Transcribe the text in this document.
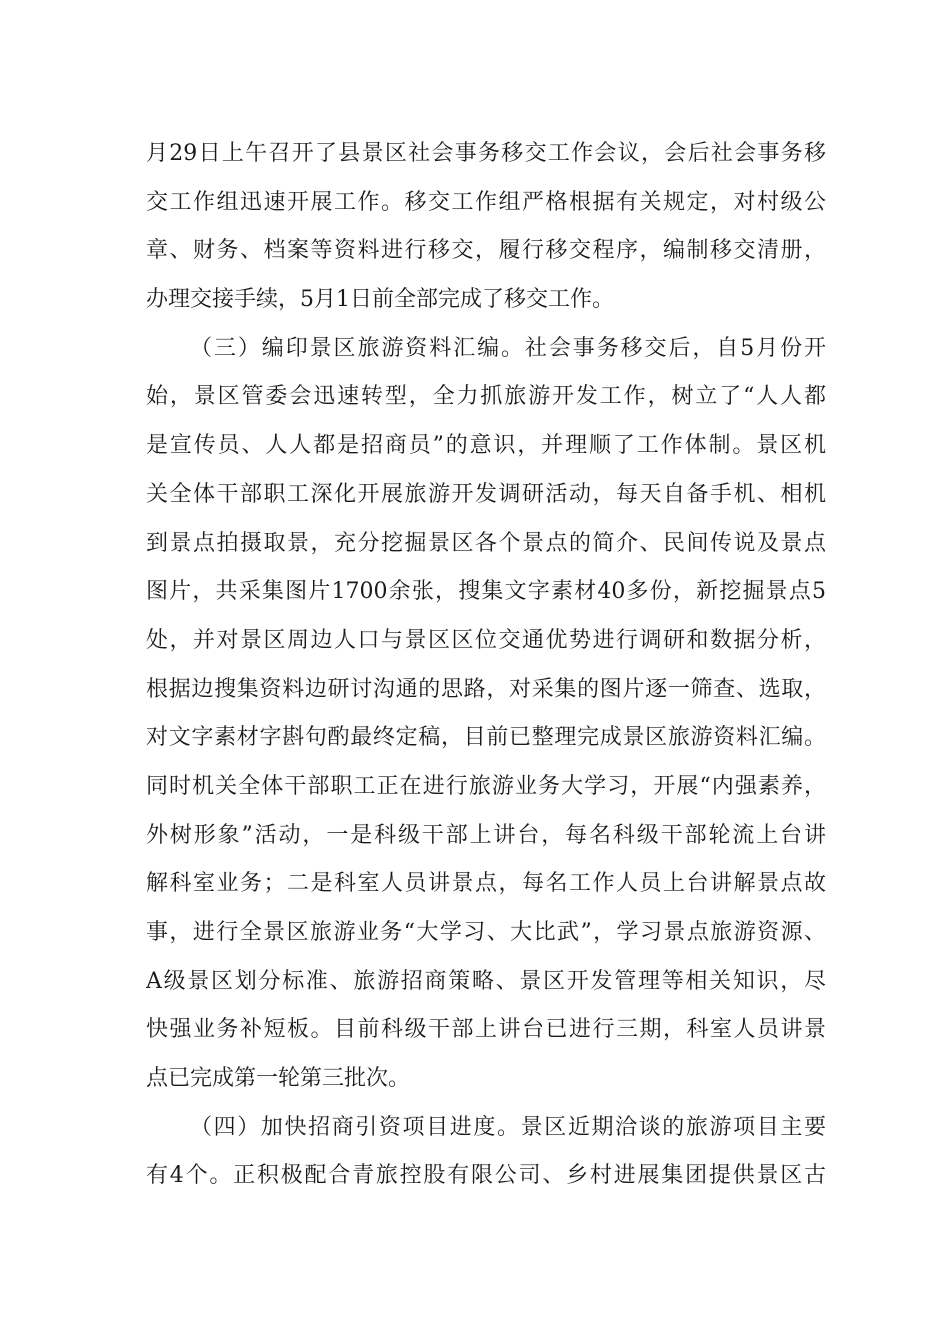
月29日上午召开了县景区社会事务移交工作会议，会后社会事务移
交工作组迅速开展工作。移交工作组严格根据有关规定，对村级公
章、财务、档案等资料进行移交，履行移交程序，编制移交清册，
办理交接手续，5月1日前全部完成了移交工作。
（三）编印景区旅游资料汇编。社会事务移交后，自5月份开
始，景区管委会迅速转型，全力抓旅游开发工作，树立了“人人都
是宣传员、人人都是招商员”的意识，并理顺了工作体制。景区机
关全体干部职工深化开展旅游开发调研活动，每天自备手机、相机
到景点拍摄取景，充分挖掘景区各个景点的简介、民间传说及景点
图片，共采集图片1700余张，搜集文字素材40多份，新挖掘景点5
处，并对景区周边人口与景区区位交通优势进行调研和数据分析，
根据边搜集资料边研讨沟通的思路，对采集的图片逐一筛查、选取，
对文字素材字斟句酌最终定稿，目前已整理完成景区旅游资料汇编。
同时机关全体干部职工正在进行旅游业务大学习，开展“内强素养，
外树形象”活动，一是科级干部上讲台，每名科级干部轮流上台讲
解科室业务；二是科室人员讲景点，每名工作人员上台讲解景点故
事，进行全景区旅游业务“大学习、大比武”，学习景点旅游资源、
A级景区划分标准、旅游招商策略、景区开发管理等相关知识，尽
快强业务补短板。目前科级干部上讲台已进行三期，科室人员讲景
点已完成第一轮第三批次。
（四）加快招商引资项目进度。景区近期洽谈的旅游项目主要
有4个。正积极配合青旅控股有限公司、乡村进展集团提供景区古
